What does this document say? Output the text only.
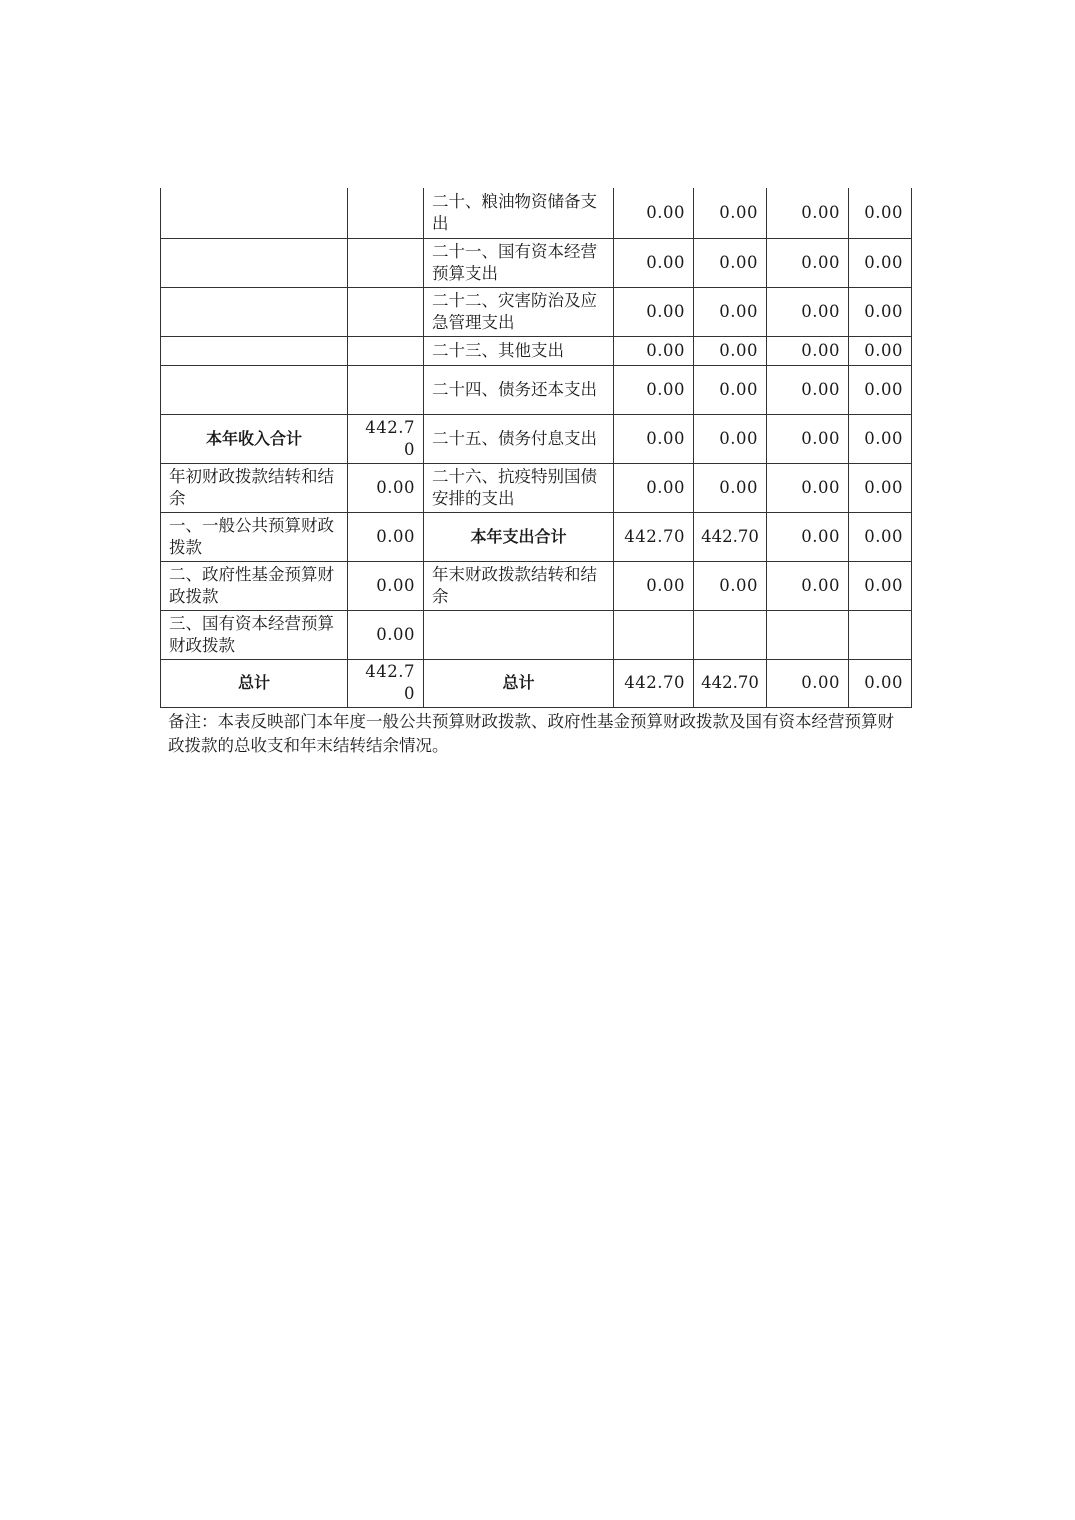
		二十、粮油物资储备支出	0.00	0.00	0.00	0.00
		二十一、国有资本经营预算支出	0.00	0.00	0.00	0.00
		二十二、灾害防治及应急管理支出	0.00	0.00	0.00	0.00
		二十三、其他支出	0.00	0.00	0.00	0.00
		二十四、债务还本支出	0.00	0.00	0.00	0.00
本年收入合计	442.70	二十五、债务付息支出	0.00	0.00	0.00	0.00
年初财政拨款结转和结余	0.00	二十六、抗疫特别国债安排的支出	0.00	0.00	0.00	0.00
一、一般公共预算财政拨款	0.00	本年支出合计	442.70	442.70	0.00	0.00
二、政府性基金预算财政拨款	0.00	年末财政拨款结转和结余	0.00	0.00	0.00	0.00
三、国有资本经营预算财政拨款	0.00					
总计	442.70	总计	442.70	442.70	0.00	0.00
备注：本表反映部门本年度一般公共预算财政拨款、政府性基金预算财政拨款及国有资本经营预算财政拨款的总收支和年末结转结余情况。
